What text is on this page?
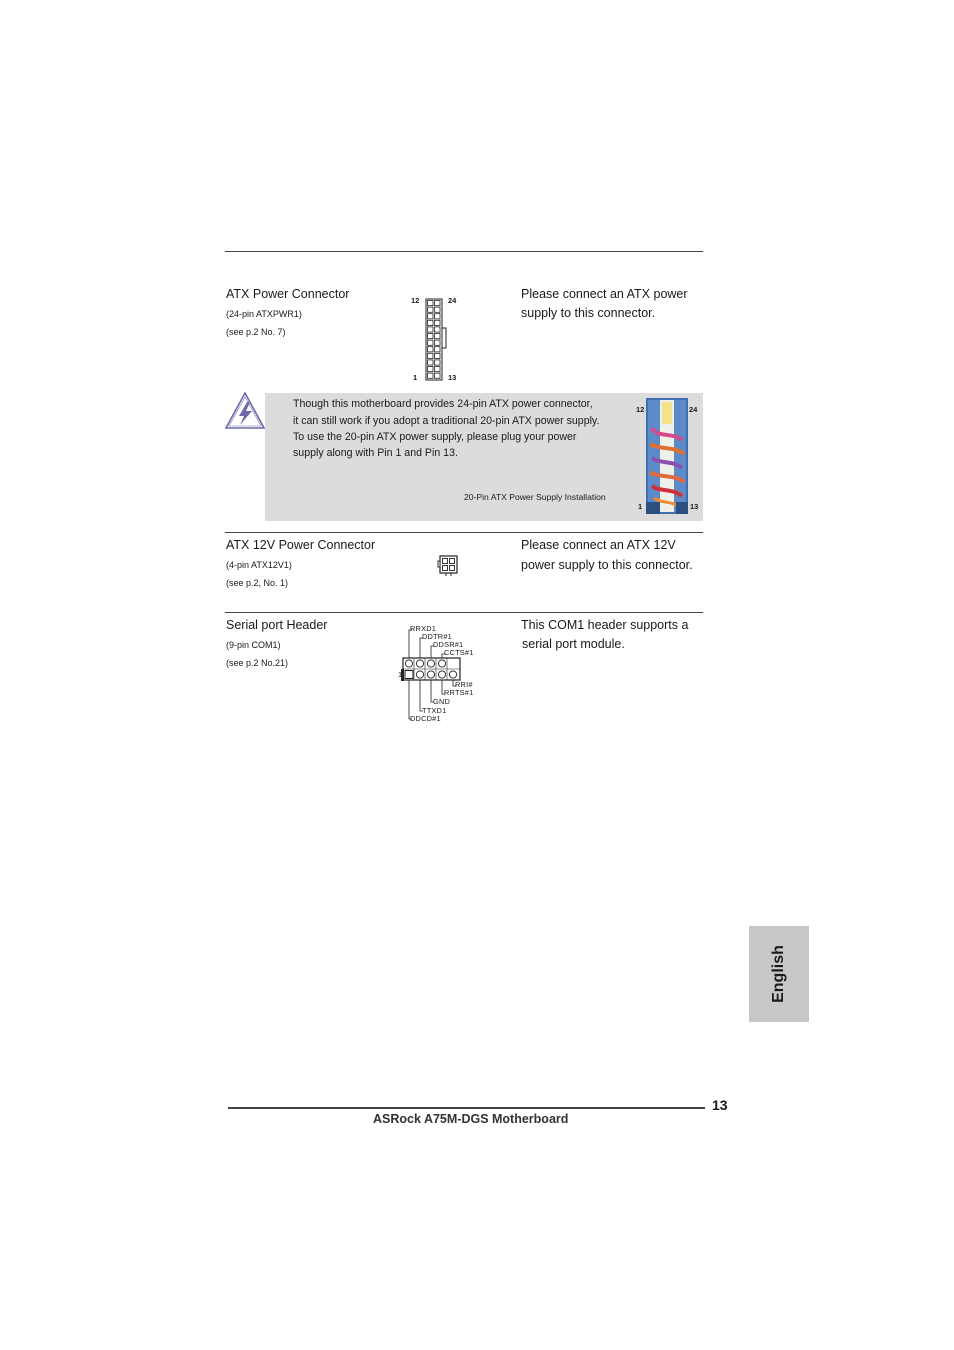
ATX Power Connector
(24-pin ATXPWR1)
(see p.2 No. 7)
Please connect an ATX power
supply to this connector.
12	24
1	13
Though this motherboard provides 24-pin ATX power connector,
it can still work if you adopt a traditional 20-pin ATX power supply.
To use the 20-pin ATX power supply, please plug your power
supply along with Pin 1 and Pin 13.
20-Pin ATX Power Supply Installation
12	24
1	13
ATX 12V Power Connector
(4-pin ATX12V1)
(see p.2, No. 1)
Please connect an ATX 12V
power supply to this connector.
Serial port Header
(9-pin COM1)
(see p.2 No.21)
This COM1 header supports a
serial port module.
1
RRXD1
DDTR#1
DDSR#1
CCTS#1
RRI#
RRTS#1
GND
TTXD1
DDCD#1
English
13
ASRock A75M-DGS Motherboard
